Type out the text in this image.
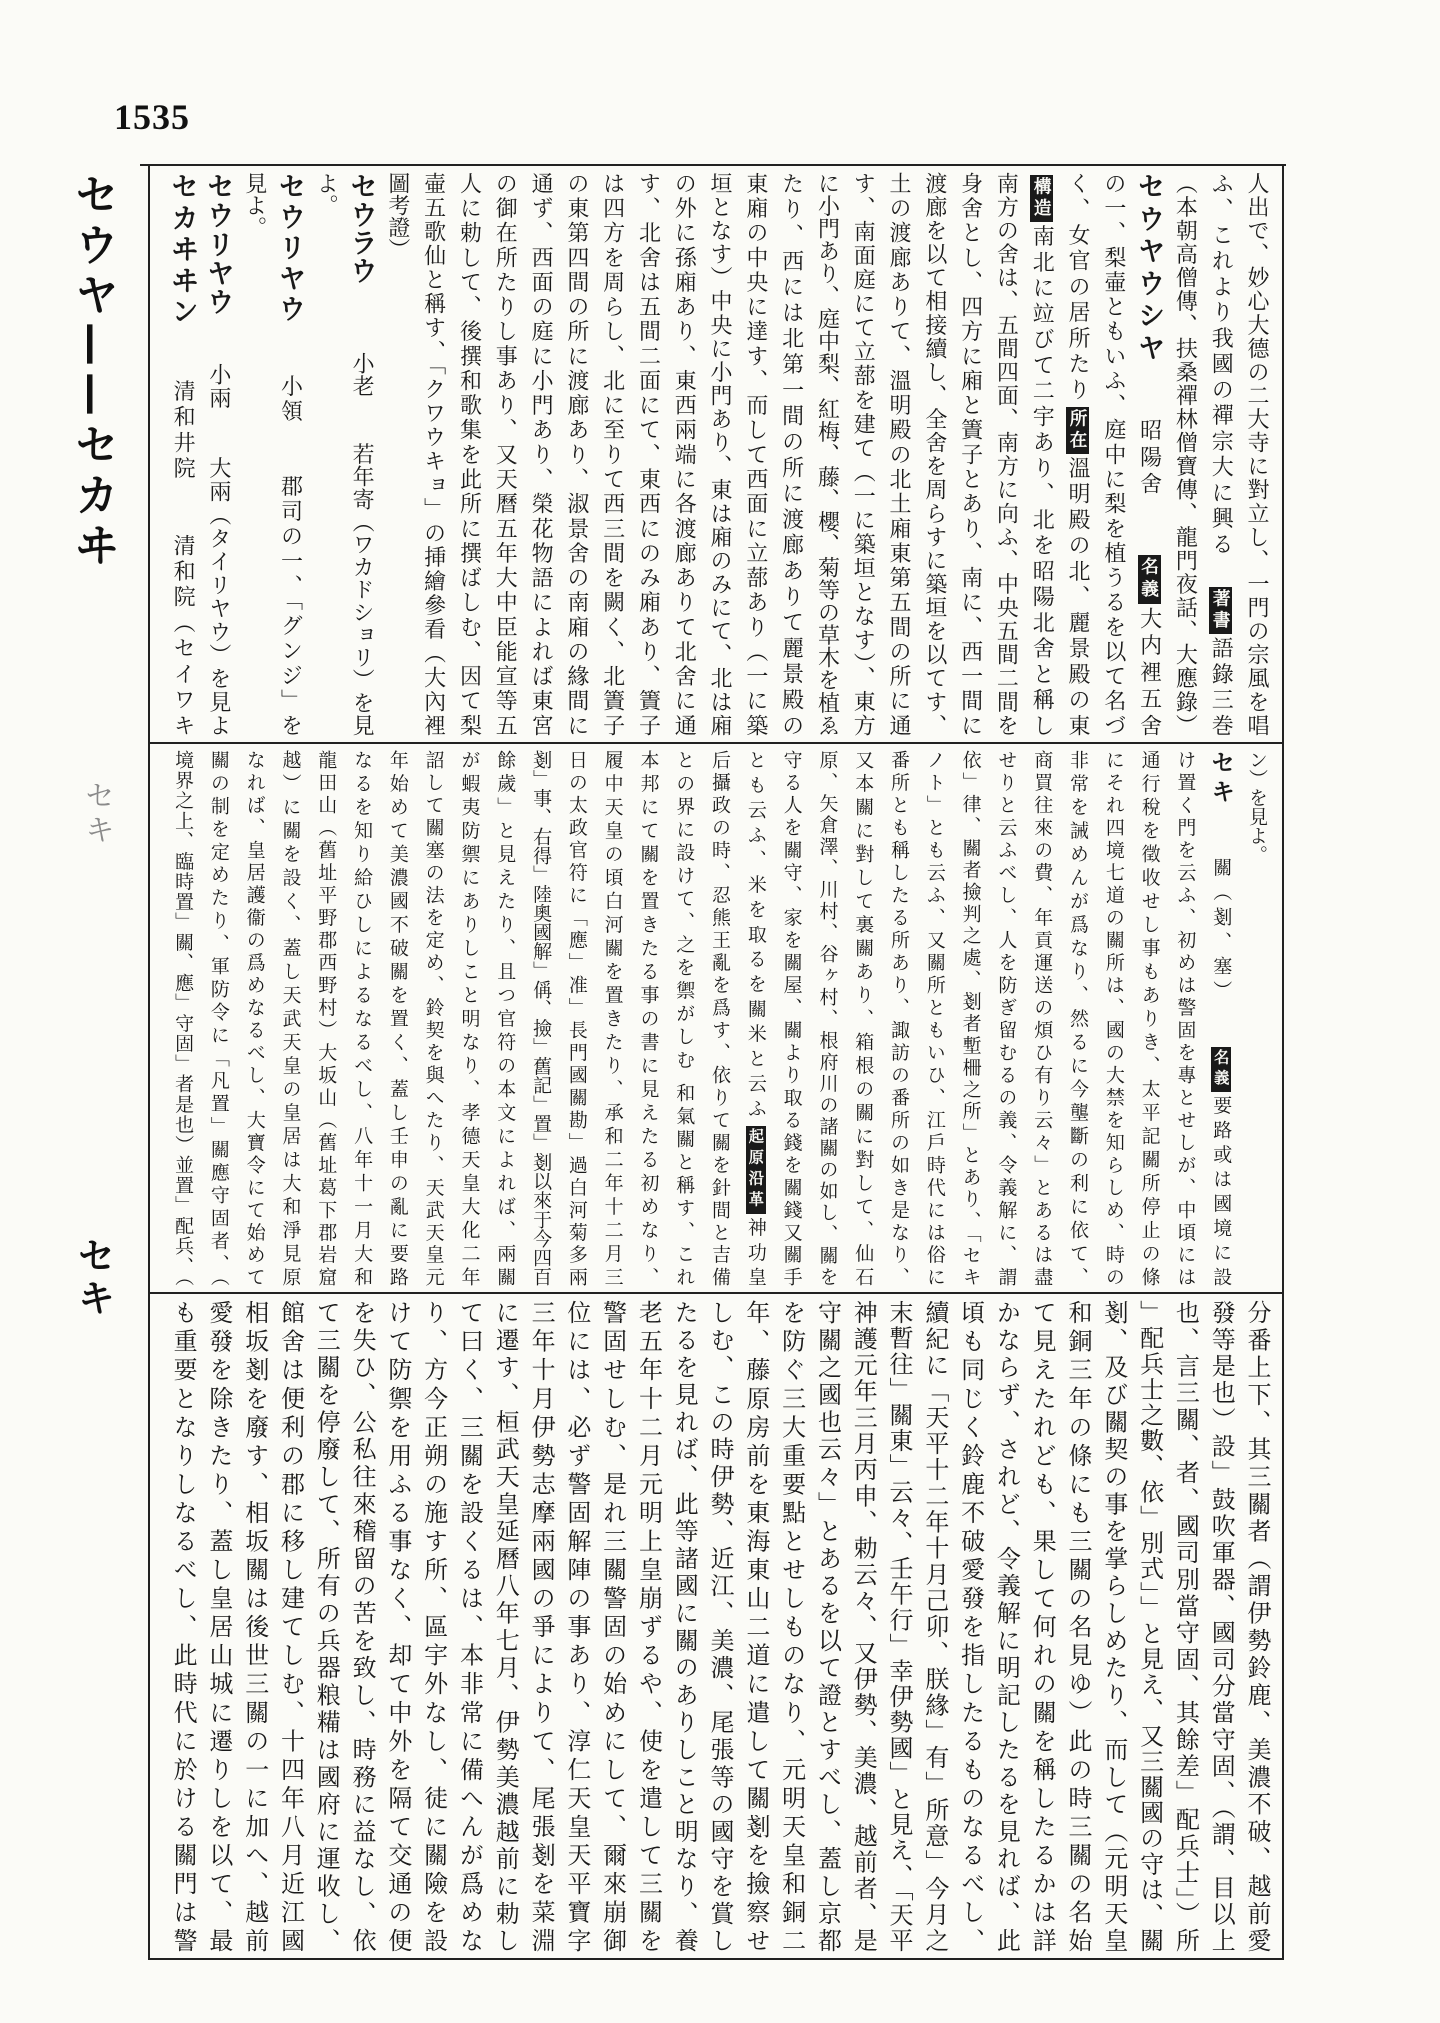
1535
セウヤ——セカヰ
セキ
セキ
人出で、妙心大德の二大寺に對立し、一門の宗風を唱
ふ、これより我國の禪宗大に興る　著書語錄三巻
（本朝高僧傳、扶桑禪林僧寶傳、龍門夜話、大應錄）
セウヤウシヤ　　昭陽舍　　名義大内裡五舍
の一、梨壷ともいふ、庭中に梨を植うるを以て名づ
く、女官の居所たり所在溫明殿の北、麗景殿の東
構造南北に竝びて二宇あり、北を昭陽北舍と稱し
南方の舍は、五間四面、南方に向ふ、中央五間二間を
身舍とし、四方に廂と簀子とあり、南に、西一間に
渡廊を以て相接續し、全舍を周らすに築垣を以てす、
土の渡廊ありて、溫明殿の北土廂東第五間の所に通
す、南面庭にて立蔀を建て（一に築垣となす）、東方
に小門あり、庭中梨、紅梅、藤、櫻、菊等の草木を植ゑ
たり、西には北第一間の所に渡廊ありて麗景殿の
東廂の中央に達す、而して西面に立蔀あり（一に築
垣となす）中央に小門あり、東は廂のみにて、北は廂
の外に孫廂あり、東西兩端に各渡廊ありて北舍に通
す、北舍は五間二面にて、東西にのみ廂あり、簀子
は四方を周らし、北に至りて西三間を闕く、北簀子
の東第四間の所に渡廊あり、淑景舍の南廂の緣間に
通ず、西面の庭に小門あり、榮花物語によれば東宮
の御在所たりし事あり、又天曆五年大中臣能宣等五
人に勅して、後撰和歌集を此所に撰ばしむ、因て梨
壷五歌仙と稱す、「クワウキョ」の挿繪參看（大內裡
圖考證）
セウラウ　　　小老　　若年寄（ワカドショリ）を見
よ。
セウリヤウ　　小領　　郡司の一、「グンジ」を
見よ。
セウリヤウ　　小兩　　大兩（タイリヤウ）を見よ
セカヰヰン　　清和井院　　清和院（セイワキ
ン）を見よ。
セキ　　關（剗、塞）　　名義要路或は國境に設
け置く門を云ふ、初めは警固を專とせしが、中頃には
通行稅を徵收せし事もありき、太平記關所停止の條
にそれ四境七道の關所は、國の大禁を知らしめ、時の
非常を誡めんが爲なり、然るに今壟斷の利に依て、
商買往來の費、年貢運送の煩ひ有り云々」とあるは盡
せりと云ふべし、人を防ぎ留むるの義、令義解に、謂
依」律、關者撿判之處、剗者塹柵之所」とあり、「セキ
ノト」とも云ふ、又關所ともいひ、江戶時代には俗に
番所とも稱したる所あり、諏訪の番所の如き是なり、
又本關に對して裏關あり、箱根の關に對して、仙石
原、矢倉澤、川村、谷ヶ村、根府川の諸關の如し、關を
守る人を關守、家を關屋、關より取る錢を關錢又關手
とも云ふ、米を取るを關米と云ふ起原沿革神功皇
后攝政の時、忍熊王亂を爲す、依りて關を針間と吉備
との界に設けて、之を禦がしむ 和氣關と稱す、これ
本邦にて關を置きたる事の書に見えたる初めなり、
履中天皇の頃白河關を置きたり、承和二年十二月三
日の太政官符に「應」准」長門國關勘」過白河菊多兩
剗」事、右得」陸奧國解」偁、撿」舊記」置」剗以來于今四百
餘歲」と見えたり、且つ官符の本文によれば、兩關
が蝦夷防禦にありしこと明なり、孝德天皇大化二年
詔して關塞の法を定め、鈴契を與へたり、天武天皇元
年始めて美濃國不破關を置く、蓋し壬申の亂に要路
なるを知り給ひしによるなるべし、八年十一月大和
龍田山（舊址平野郡西野村）大坂山（舊址葛下郡岩窟
越）に關を設く、蓋し天武天皇の皇居は大和淨見原
なれば、皇居護衞の爲めなるべし、大寶令にて始めて
關の制を定めたり、軍防令に「凡置」關應守固者、（
境界之上、臨時置」關、應」守固」者是也）並置」配兵、（
分番上下、其三關者（謂伊勢鈴鹿、美濃不破、越前愛
發等是也）設」鼓吹軍器、國司分當守固、（謂、目以上
也、言三關、者、國司別當守固、其餘差」配兵士」）所
」配兵士之數、依」別式」」と見え、又三關國の守は、關
剗、及び關契の事を掌らしめたり、而して（元明天皇
和銅三年の條にも三關の名見ゆ）此の時三關の名始
て見えたれども、果して何れの關を稱したるかは詳
かならず、されど、令義解に明記したるを見れば、此
頃も同じく鈴鹿不破愛發を指したるものなるべし、
續紀に「天平十二年十月己卯、朕緣」有」所意」今月之
末暫往」關東」云々、壬午行」幸伊勢國」と見え、「天平
神護元年三月丙申、勅云々、又伊勢、美濃、越前者、是
守關之國也云々」とあるを以て證とすべし、蓋し京都
を防ぐ三大重要點とせしものなり、元明天皇和銅二
年、藤原房前を東海東山二道に遣して關剗を撿察せ
しむ、この時伊勢、近江、美濃、尾張等の國守を賞し
たるを見れば、此等諸國に關のありしこと明なり、養
老五年十二月元明上皇崩ずるや、使を遣して三關を
警固せしむ、是れ三關警固の始めにして、爾來崩御
位には、必ず警固解陣の事あり、淳仁天皇天平寶字
三年十月伊勢志摩兩國の爭によりて、尾張剗を菜淵
に遷す、桓武天皇延曆八年七月、伊勢美濃越前に勅し
て曰く、三關を設くるは、本非常に備へんが爲めな
り、方今正朔の施す所、區宇外なし、徒に關險を設
けて防禦を用ふる事なく、却て中外を隔て交通の便
を失ひ、公私往來稽留の苦を致し、時務に益なし、依
て三關を停廢して、所有の兵器粮糒は國府に運收し、
館舍は便利の郡に移し建てしむ、十四年八月近江國
相坂剗を廢す、相坂關は後世三關の一に加へ、越前
愛發を除きたり、蓋し皇居山城に遷りしを以て、最
も重要となりしなるべし、此時代に於ける關門は警
